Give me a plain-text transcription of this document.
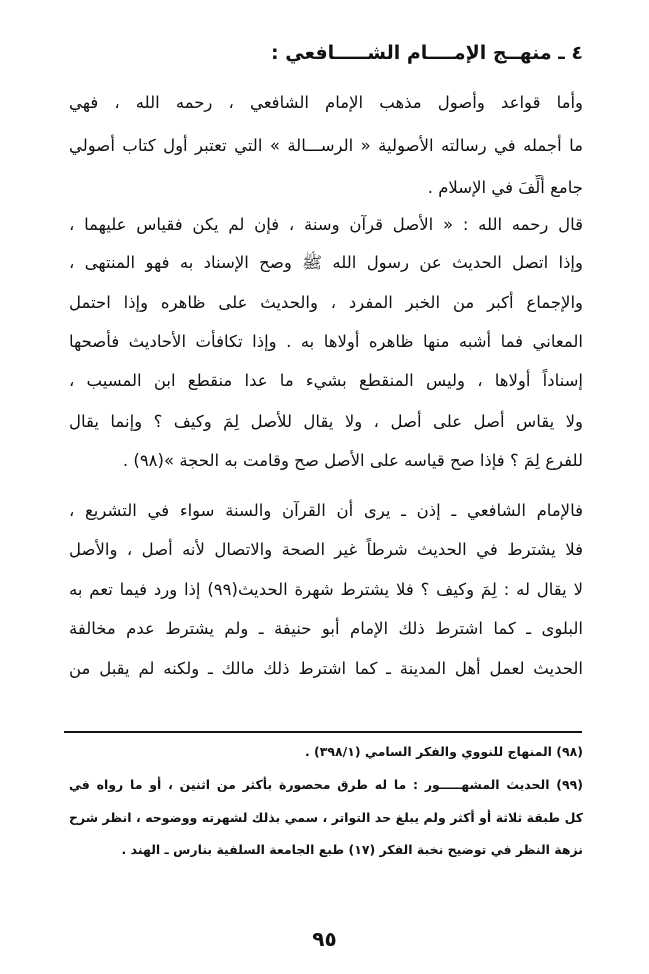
٤ ـ منهــج الإمــــام الشـــــافعي :
وأما قواعد وأصول مذهب الإمام الشافعي ، رحمه الله ، فهي
ما أجمله في رسالته الأصولية « الرســـالة » التي تعتبر أول كتاب أصولي
جامع أُلِّفَ في الإسلام .
قال رحمه الله : « الأصل قرآن وسنة ، فإن لم يكن فقياس عليهما ،
وإذا اتصل الحديث عن رسول الله ﷺ وصح الإسناد به فهو المنتهى ،
والإجماع أكبر من الخبر المفرد ، والحديث على ظاهره وإذا احتمل
المعاني فما أشبه منها ظاهره أولاها به . وإذا تكافأت الأحاديث فأصحها
إسناداً أولاها ، وليس المنقطع بشيء ما عدا منقطع ابن المسيب ،
ولا يقاس أصل على أصل ، ولا يقال للأصل لِمَ وكيف ؟ وإنما يقال
للفرع لِمَ ؟ فإذا صح قياسه على الأصل صح وقامت به الحجة »(٩٨) .
فالإمام الشافعي ـ إذن ـ يرى أن القرآن والسنة سواء في التشريع ،
فلا يشترط في الحديث شرطاً غير الصحة والاتصال لأنه أصل ، والأصل
لا يقال له : لِمَ وكيف ؟ فلا يشترط شهرة الحديث(٩٩) إذا ورد فيما تعم به
البلوى ـ كما اشترط ذلك الإمام أبو حنيفة ـ ولم يشترط عدم مخالفة
الحديث لعمل أهل المدينة ـ كما اشترط ذلك مالك ـ ولكنه لم يقبل من
(٩٨) المنهاج للنووي والفكر السامي (٣٩٨/١) .
(٩٩) الحديث المشهـــــور : ما له طرق محصورة بأكثر من اثنين ، أو ما رواه في
كل طبقة ثلاثة أو أكثر ولم يبلغ حد التواتر ، سمي بذلك لشهرته ووضوحه ، انظر شرح
نزهة النظر في توضيح نخبة الفكر (١٧) طبع الجامعة السلفية بنارس ـ الهند .
٩٥
